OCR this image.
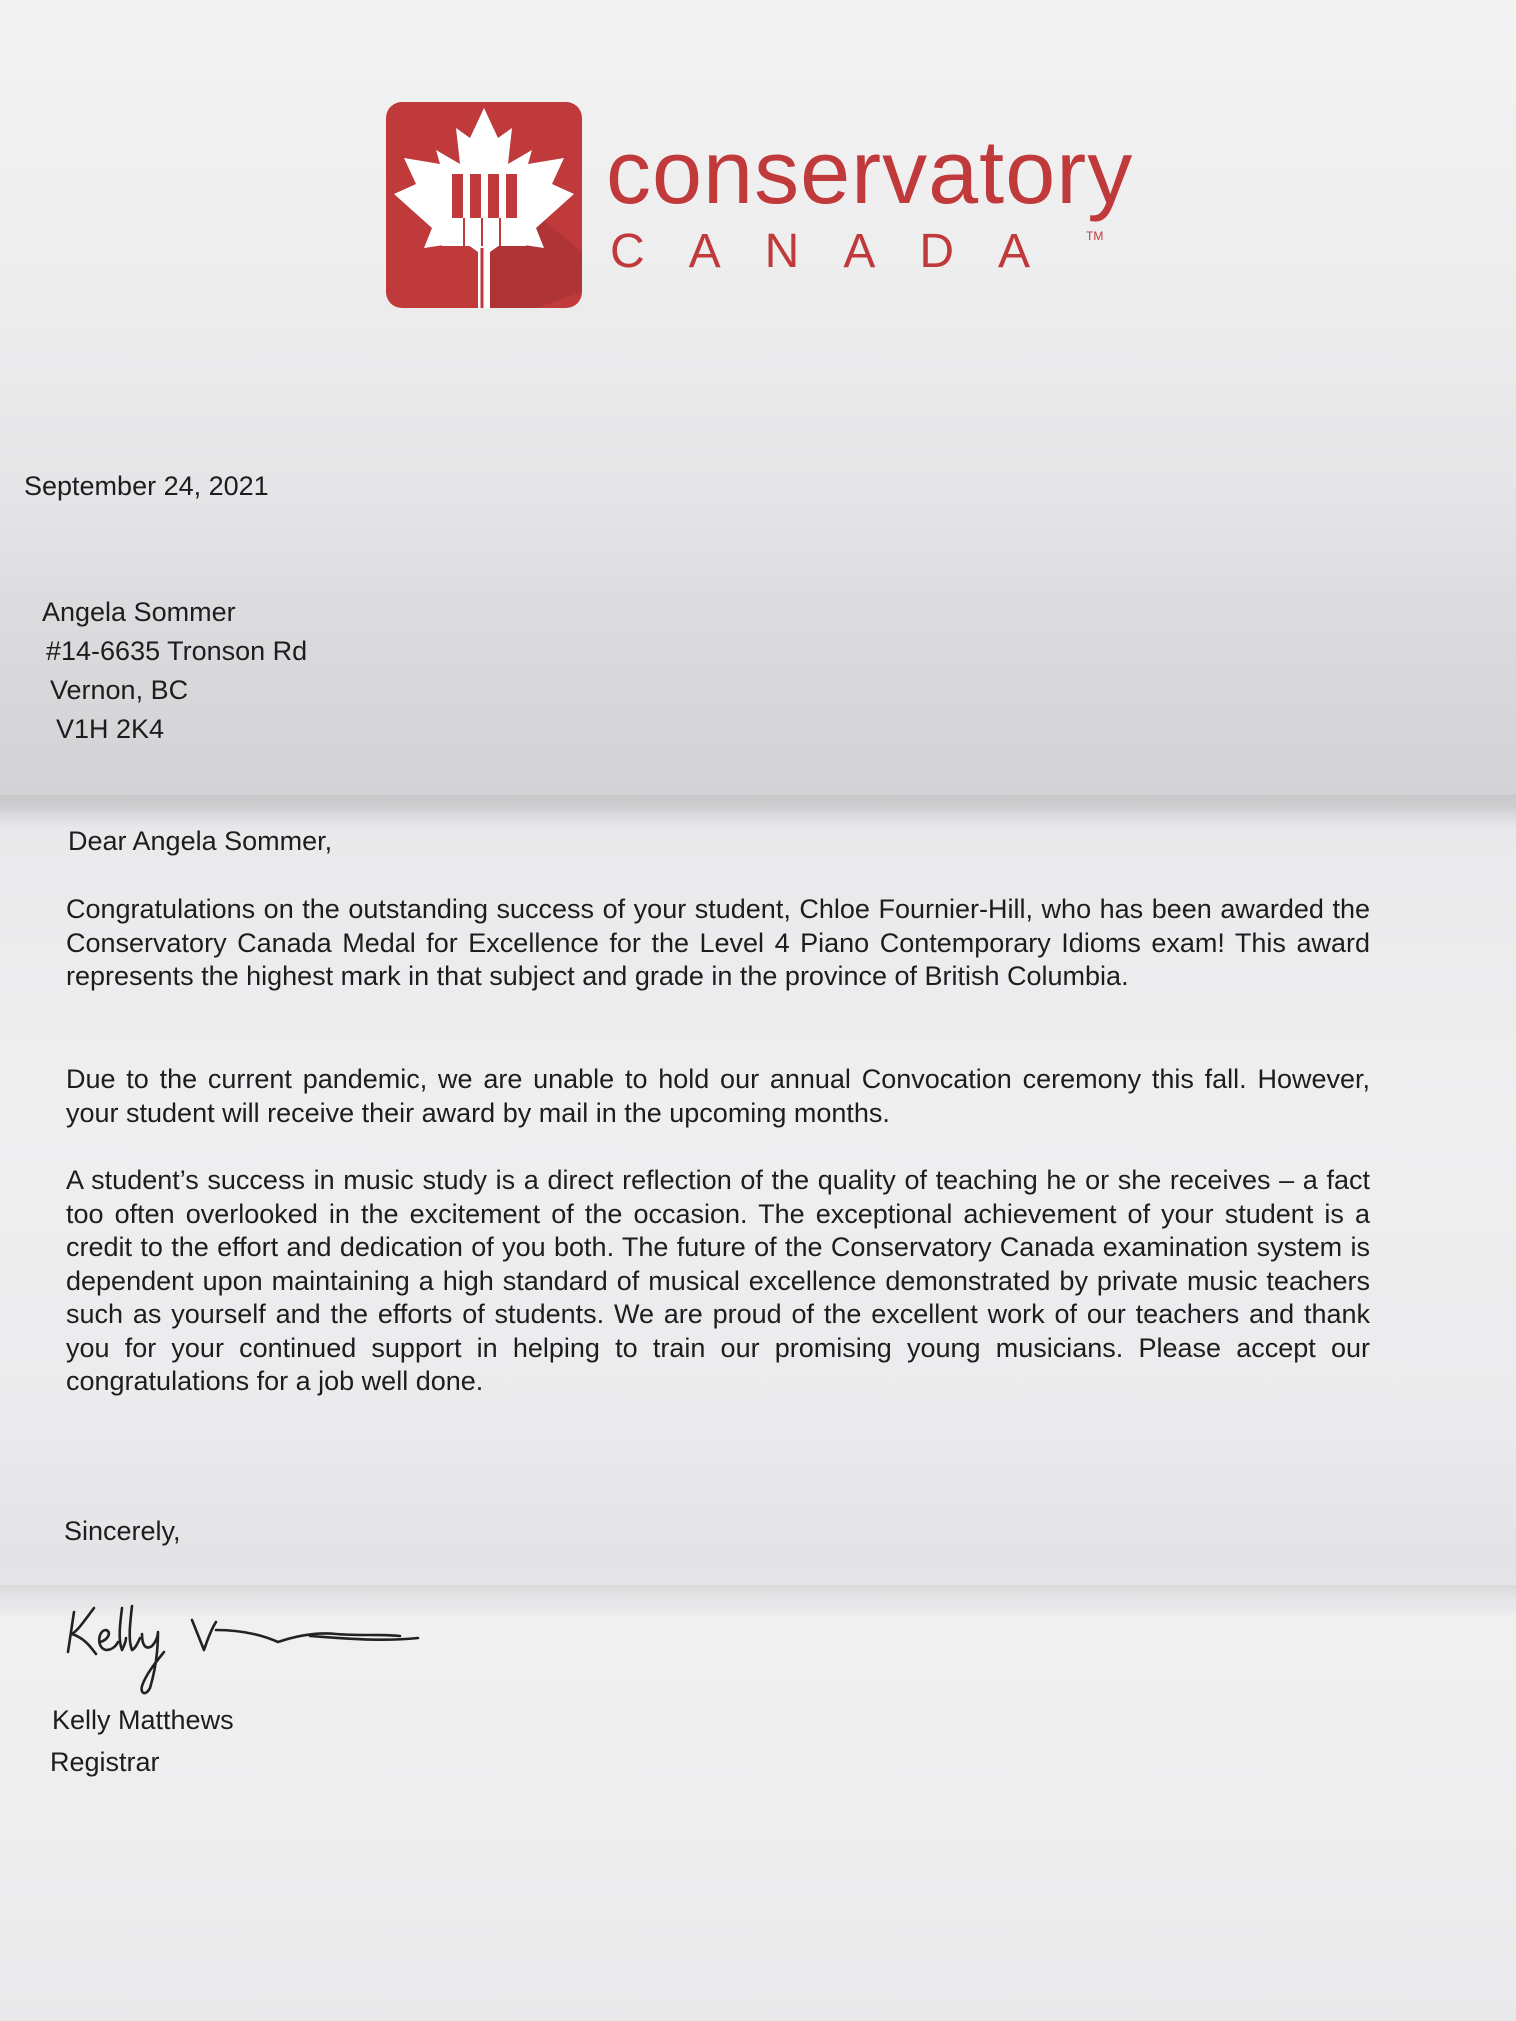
conservatory
CANADA TM
September 24, 2021
Angela Sommer
#14-6635 Tronson Rd
Vernon, BC
V1H 2K4
Dear Angela Sommer,
Congratulations on the outstanding success of your student, Chloe Fournier-Hill, who has been awarded the Conservatory Canada Medal for Excellence for the Level 4 Piano Contemporary Idioms exam! This award represents the highest mark in that subject and grade in the province of British Columbia.
Due to the current pandemic, we are unable to hold our annual Convocation ceremony this fall. However, your student will receive their award by mail in the upcoming months.
A student’s success in music study is a direct reflection of the quality of teaching he or she receives – a fact too often overlooked in the excitement of the occasion. The exceptional achievement of your student is a credit to the effort and dedication of you both. The future of the Conservatory Canada examination system is dependent upon maintaining a high standard of musical excellence demonstrated by private music teachers such as yourself and the efforts of students. We are proud of the excellent work of our teachers and thank you for your continued support in helping to train our promising young musicians. Please accept our congratulations for a job well done.
Sincerely,
Kelly Matthews
Registrar
